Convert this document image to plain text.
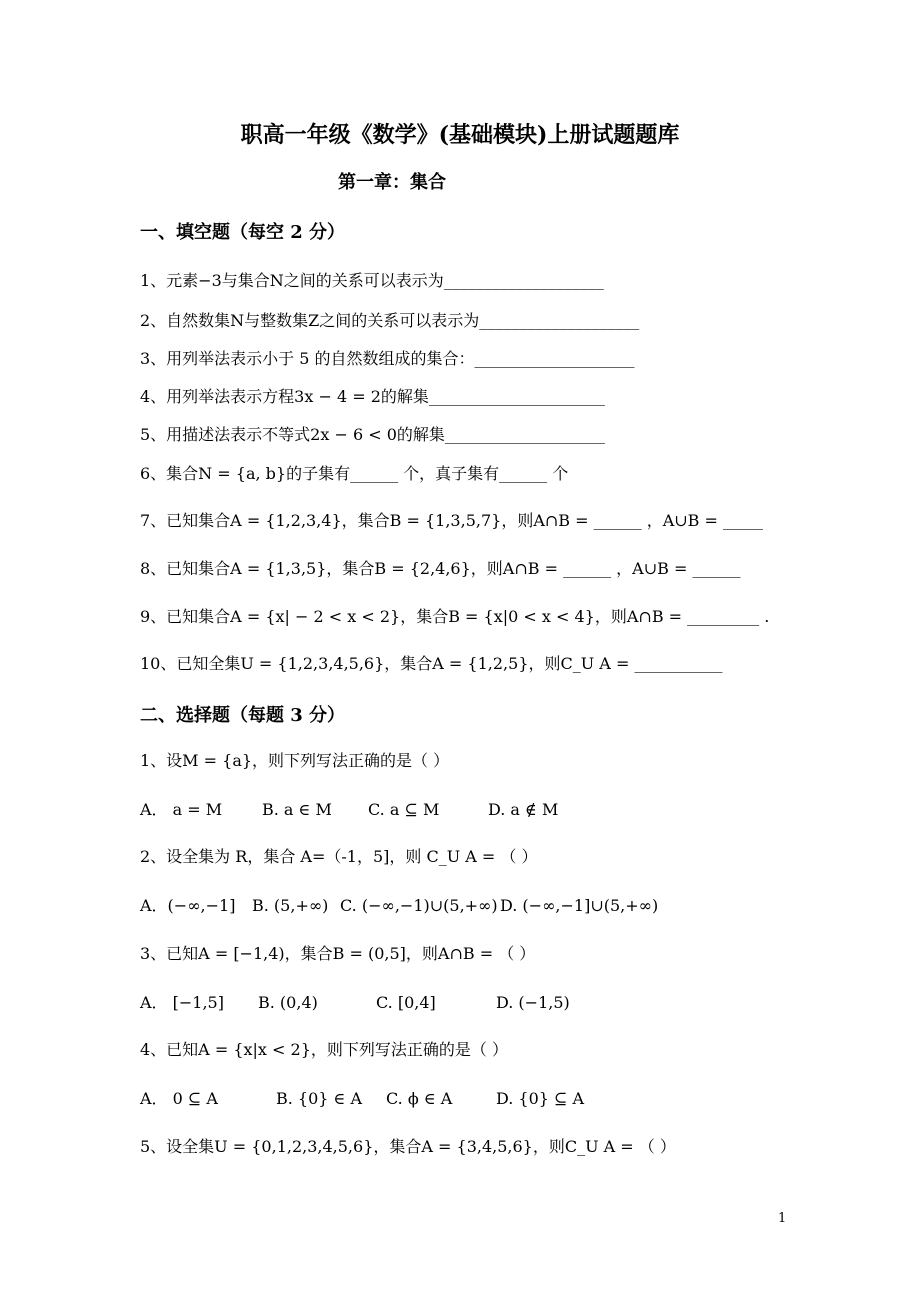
职高一年级《数学》(基础模块)上册试题题库
第一章：集合
一、填空题（每空 2 分）
1、元素−3与集合N之间的关系可以表示为____________________
2、自然数集N与整数集Z之间的关系可以表示为____________________
3、用列举法表示小于 5 的自然数组成的集合：____________________
4、用列举法表示方程3x − 4 = 2的解集______________________
5、用描述法表示不等式2x − 6 < 0的解集____________________
6、集合N = {a, b}的子集有______ 个，真子集有______ 个
7、已知集合A = {1,2,3,4}，集合B = {1,3,5,7}，则A∩B = ______ ，A∪B = _____
8、已知集合A = {1,3,5}，集合B = {2,4,6}，则A∩B = ______ ，A∪B = ______
9、已知集合A = {x| − 2 < x < 2}，集合B = {x|0 < x < 4}，则A∩B = _________ .
10、已知全集U = {1,2,3,4,5,6}，集合A = {1,2,5}，则C_U A = ___________
二、选择题（每题 3 分）
1、设M = {a}，则下列写法正确的是（ ）
A． a = M B. a ∈ M C. a ⊆ M	D. a ∉ M
2、设全集为 R，集合 A=（-1，5]，则 C_U A = （ ）
A．(−∞,−1] B. (5,+∞) C. (−∞,−1)∪(5,+∞) D. (−∞,−1]∪(5,+∞)
3、已知A = [−1,4)，集合B = (0,5]，则A∩B = （ ）
A． [−1,5] B. (0,4)	C. [0,4]	D. (−1,5)
4、已知A = {x|x < 2}，则下列写法正确的是（ ）
A． 0 ⊆ A	B. {0} ∈ A C. ϕ ∈ A	D. {0} ⊆ A
5、设全集U = {0,1,2,3,4,5,6}，集合A = {3,4,5,6}，则C_U A = （ ）
1
